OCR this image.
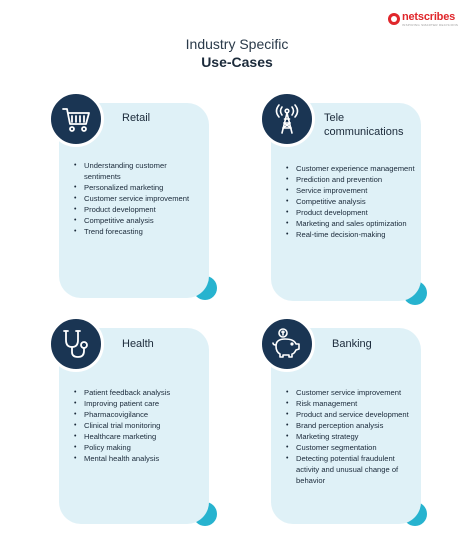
netscribes
INSPIRING SMARTER DECISIONS
Industry Specific
Use-Cases
Retail
• Understanding customer sentiments
• Personalized marketing
• Customer service improvement
• Product development
• Competitive analysis
• Trend forecasting
Tele
communications
• Customer experience management
• Prediction and prevention
• Service improvement
• Competitive analysis
• Product development
• Marketing and sales optimization
• Real-time decision-making
Health
• Patient feedback analysis
• Improving patient care
• Pharmacovigilance
• Clinical trial monitoring
• Healthcare marketing
• Policy making
• Mental health analysis
Banking
• Customer service improvement
• Risk management
• Product and service development
• Brand perception analysis
• Marketing strategy
• Customer segmentation
• Detecting potential fraudulent activity and unusual change of behavior
